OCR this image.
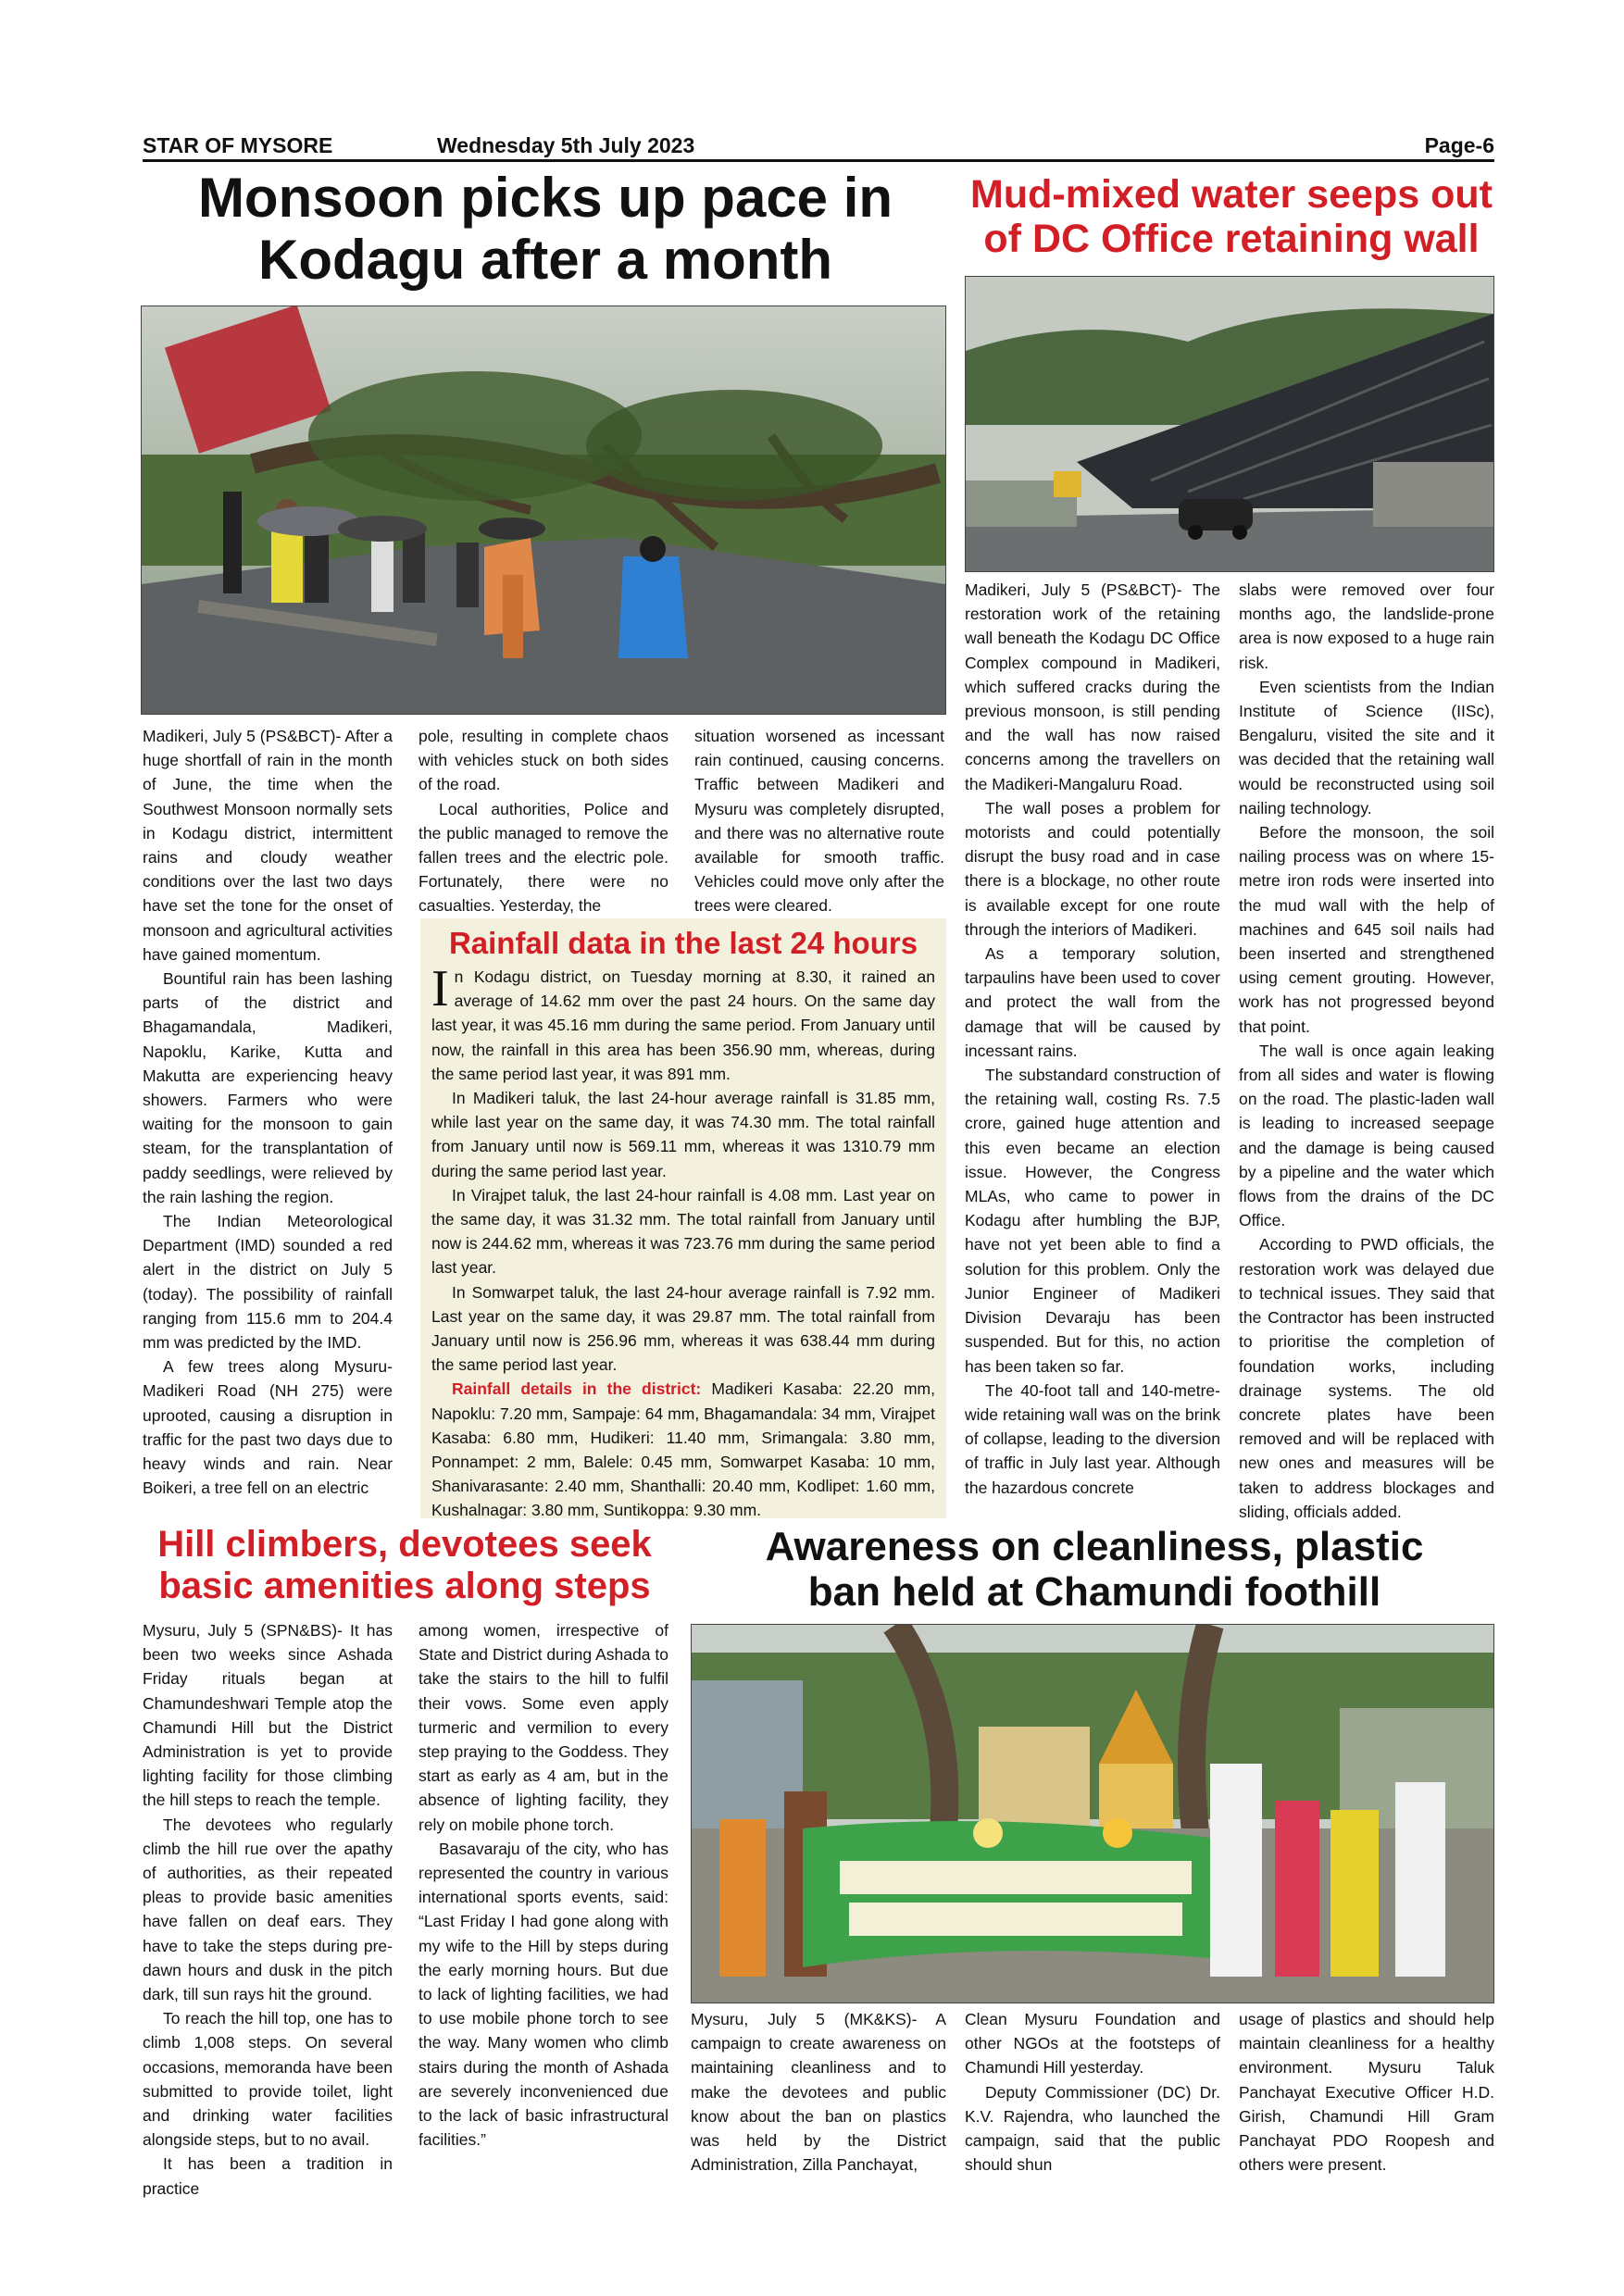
STAR OF MYSORE	Wednesday 5th July 2023	Page-6
Monsoon picks up pace in
Kodagu after a month

Madikeri, July 5 (PS&BCT)- After a huge shortfall of rain in the month of June, the time when the Southwest Monsoon normally sets in Kodagu district, intermittent rains and cloudy weather conditions over the last two days have set the tone for the onset of monsoon and agricultural activities have gained momentum.

Bountiful rain has been lashing parts of the district and Bhagamandala, Madikeri, Napoklu, Karike, Kutta and Makutta are experiencing heavy showers. Farmers who were waiting for the monsoon to gain steam, for the transplantation of paddy seedlings, were relieved by the rain lashing the region.

The Indian Meteorological Department (IMD) sounded a red alert in the district on July 5 (today). The possibility of rainfall ranging from 115.6 mm to 204.4 mm was predicted by the IMD.

A few trees along Mysuru-Madikeri Road (NH 275) were uprooted, causing a disruption in traffic for the past two days due to heavy winds and rain. Near Boikeri, a tree fell on an electric

pole, resulting in complete chaos with vehicles stuck on both sides of the road.

Local authorities, Police and the public managed to remove the fallen trees and the electric pole. Fortunately, there were no casualties. Yesterday, the

situation worsened as incessant rain continued, causing concerns. Traffic between Madikeri and Mysuru was completely disrupted, and there was no alternative route available for smooth traffic. Vehicles could move only after the trees were cleared.

Rainfall data in the last 24 hours

In Kodagu district, on Tuesday morning at 8.30, it rained an average of 14.62 mm over the past 24 hours. On the same day last year, it was 45.16 mm during the same period. From January until now, the rainfall in this area has been 356.90 mm, whereas, during the same period last year, it was 891 mm.

In Madikeri taluk, the last 24-hour average rainfall is 31.85 mm, while last year on the same day, it was 74.30 mm. The total rainfall from January until now is 569.11 mm, whereas it was 1310.79 mm during the same period last year.

In Virajpet taluk, the last 24-hour rainfall is 4.08 mm. Last year on the same day, it was 31.32 mm. The total rainfall from January until now is 244.62 mm, whereas it was 723.76 mm during the same period last year.

In Somwarpet taluk, the last 24-hour average rainfall is 7.92 mm. Last year on the same day, it was 29.87 mm. The total rainfall from January until now is 256.96 mm, whereas it was 638.44 mm during the same period last year.

Rainfall details in the district: Madikeri Kasaba: 22.20 mm, Napoklu: 7.20 mm, Sampaje: 64 mm, Bhagamandala: 34 mm, Virajpet Kasaba: 6.80 mm, Hudikeri: 11.40 mm, Srimangala: 3.80 mm, Ponnampet: 2 mm, Balele: 0.45 mm, Somwarpet Kasaba: 10 mm, Shanivarasante: 2.40 mm, Shanthalli: 20.40 mm, Kodlipet: 1.60 mm, Kushalnagar: 3.80 mm, Suntikoppa: 9.30 mm.

Mud-mixed water seeps out
of DC Office retaining wall

Madikeri, July 5 (PS&BCT)- The restoration work of the retaining wall beneath the Kodagu DC Office Complex compound in Madikeri, which suffered cracks during the previous monsoon, is still pending and the wall has now raised concerns among the travellers on the Madikeri-Mangaluru Road.

The wall poses a problem for motorists and could potentially disrupt the busy road and in case there is a blockage, no other route is available except for one route through the interiors of Madikeri.

As a temporary solution, tarpaulins have been used to cover and protect the wall from the damage that will be caused by incessant rains.

The substandard construction of the retaining wall, costing Rs. 7.5 crore, gained huge attention and this even became an election issue. However, the Congress MLAs, who came to power in Kodagu after humbling the BJP, have not yet been able to find a solution for this problem. Only the Junior Engineer of Madikeri Division Devaraju has been suspended. But for this, no action has been taken so far.

The 40-foot tall and 140-metre-wide retaining wall was on the brink of collapse, leading to the diversion of traffic in July last year. Although the hazardous concrete

slabs were removed over four months ago, the landslide-prone area is now exposed to a huge rain risk.

Even scientists from the Indian Institute of Science (IISc), Bengaluru, visited the site and it was decided that the retaining wall would be reconstructed using soil nailing technology.

Before the monsoon, the soil nailing process was on where 15-metre iron rods were inserted into the mud wall with the help of machines and 645 soil nails had been inserted and strengthened using cement grouting. However, work has not progressed beyond that point.

The wall is once again leaking from all sides and water is flowing on the road. The plastic-laden wall is leading to increased seepage and the damage is being caused by a pipeline and the water which flows from the drains of the DC Office.

According to PWD officials, the restoration work was delayed due to technical issues. They said that the Contractor has been instructed to prioritise the completion of foundation works, including drainage systems. The old concrete plates have been removed and will be replaced with new ones and measures will be taken to address blockages and sliding, officials added.

Hill climbers, devotees seek
basic amenities along steps

Mysuru, July 5 (SPN&BS)- It has been two weeks since Ashada Friday rituals began at Chamundeshwari Temple atop the Chamundi Hill but the District Administration is yet to provide lighting facility for those climbing the hill steps to reach the temple.

The devotees who regularly climb the hill rue over the apathy of authorities, as their repeated pleas to provide basic amenities have fallen on deaf ears. They have to take the steps during pre-dawn hours and dusk in the pitch dark, till sun rays hit the ground.

To reach the hill top, one has to climb 1,008 steps. On several occasions, memoranda have been submitted to provide toilet, light and drinking water facilities alongside steps, but to no avail.

It has been a tradition in practice

among women, irrespective of State and District during Ashada to take the stairs to the hill to fulfil their vows. Some even apply turmeric and vermilion to every step praying to the Goddess. They start as early as 4 am, but in the absence of lighting facility, they rely on mobile phone torch.

Basavaraju of the city, who has represented the country in various international sports events, said: “Last Friday I had gone along with my wife to the Hill by steps during the early morning hours. But due to lack of lighting facilities, we had to use mobile phone torch to see the way. Many women who climb stairs during the month of Ashada are severely inconvenienced due to the lack of basic infrastructural facilities.”

Awareness on cleanliness, plastic
ban held at Chamundi foothill

Mysuru, July 5 (MK&KS)- A campaign to create awareness on maintaining cleanliness and to make the devotees and public know about the ban on plastics was held by the District Administration, Zilla Panchayat,

Clean Mysuru Foundation and other NGOs at the footsteps of Chamundi Hill yesterday.

Deputy Commissioner (DC) Dr. K.V. Rajendra, who launched the campaign, said that the public should shun

usage of plastics and should help maintain cleanliness for a healthy environment. Mysuru Taluk Panchayat Executive Officer H.D. Girish, Chamundi Hill Gram Panchayat PDO Roopesh and others were present.
